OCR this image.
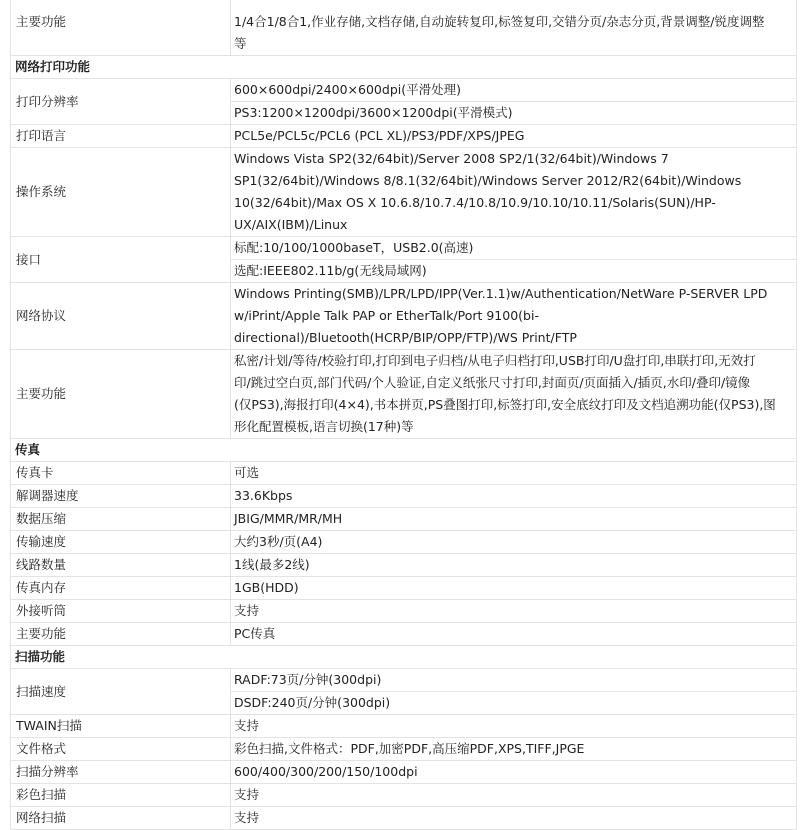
主要功能	1/4合1/8合1,作业存储,文档存储,自动旋转复印,标签复印,交错分页/杂志分页,背景调整/锐度调整
等

网络打印功能	
打印分辨率	600×600dpi/2400×600dpi(平滑处理)
	PS3:1200×1200dpi/3600×1200dpi(平滑模式)
打印语言	PCL5e/PCL5c/PCL6 (PCL XL)/PS3/PDF/XPS/JPEG

操作系统	Windows Vista SP2(32/64bit)/Server 2008 SP2/1(32/64bit)/Windows 7
SP1(32/64bit)/Windows 8/8.1(32/64bit)/Windows Server 2012/R2(64bit)/Windows
10(32/64bit)/Max OS X 10.6.8/10.7.4/10.8/10.9/10.10/10.11/Solaris(SUN)/HP-
UX/AIX(IBM)/Linux

接口	标配:10/100/1000baseT，USB2.0(高速)
	选配:IEEE802.11b/g(无线局域网)
网络协议	Windows Printing(SMB)/LPR/LPD/IPP(Ver.1.1)w/Authentication/NetWare P-SERVER LPD
w/iPrint/Apple Talk PAP or EtherTalk/Port 9100(bi-
directional)/Bluetooth(HCRP/BIP/OPP/FTP)/WS Print/FTP

主要功能	私密/计划/等待/校验打印,打印到电子归档/从电子归档打印,USB打印/U盘打印,串联打印,无效打
印/跳过空白页,部门代码/个人验证,自定义纸张尺寸打印,封面页/页面插入/插页,水印/叠印/镜像
(仅PS3),海报打印(4×4),书本拼页,PS叠图打印,标签打印,安全底纹打印及文档追溯功能(仅PS3),图
形化配置模板,语言切换(17种)等

传真	
传真卡	可选

解调器速度	33.6Kbps

数据压缩	JBIG/MMR/MR/MH

传输速度	大约3秒/页(A4)

线路数量	1线(最多2线)

传真内存	1GB(HDD)

外接听筒	支持

主要功能	PC传真

扫描功能	
扫描速度	RADF:73页/分钟(300dpi)
	DSDF:240页/分钟(300dpi)
TWAIN扫描	支持

文件格式	彩色扫描,文件格式：PDF,加密PDF,高压缩PDF,XPS,TIFF,JPGE

扫描分辨率	600/400/300/200/150/100dpi

彩色扫描	支持

网络扫描	支持
